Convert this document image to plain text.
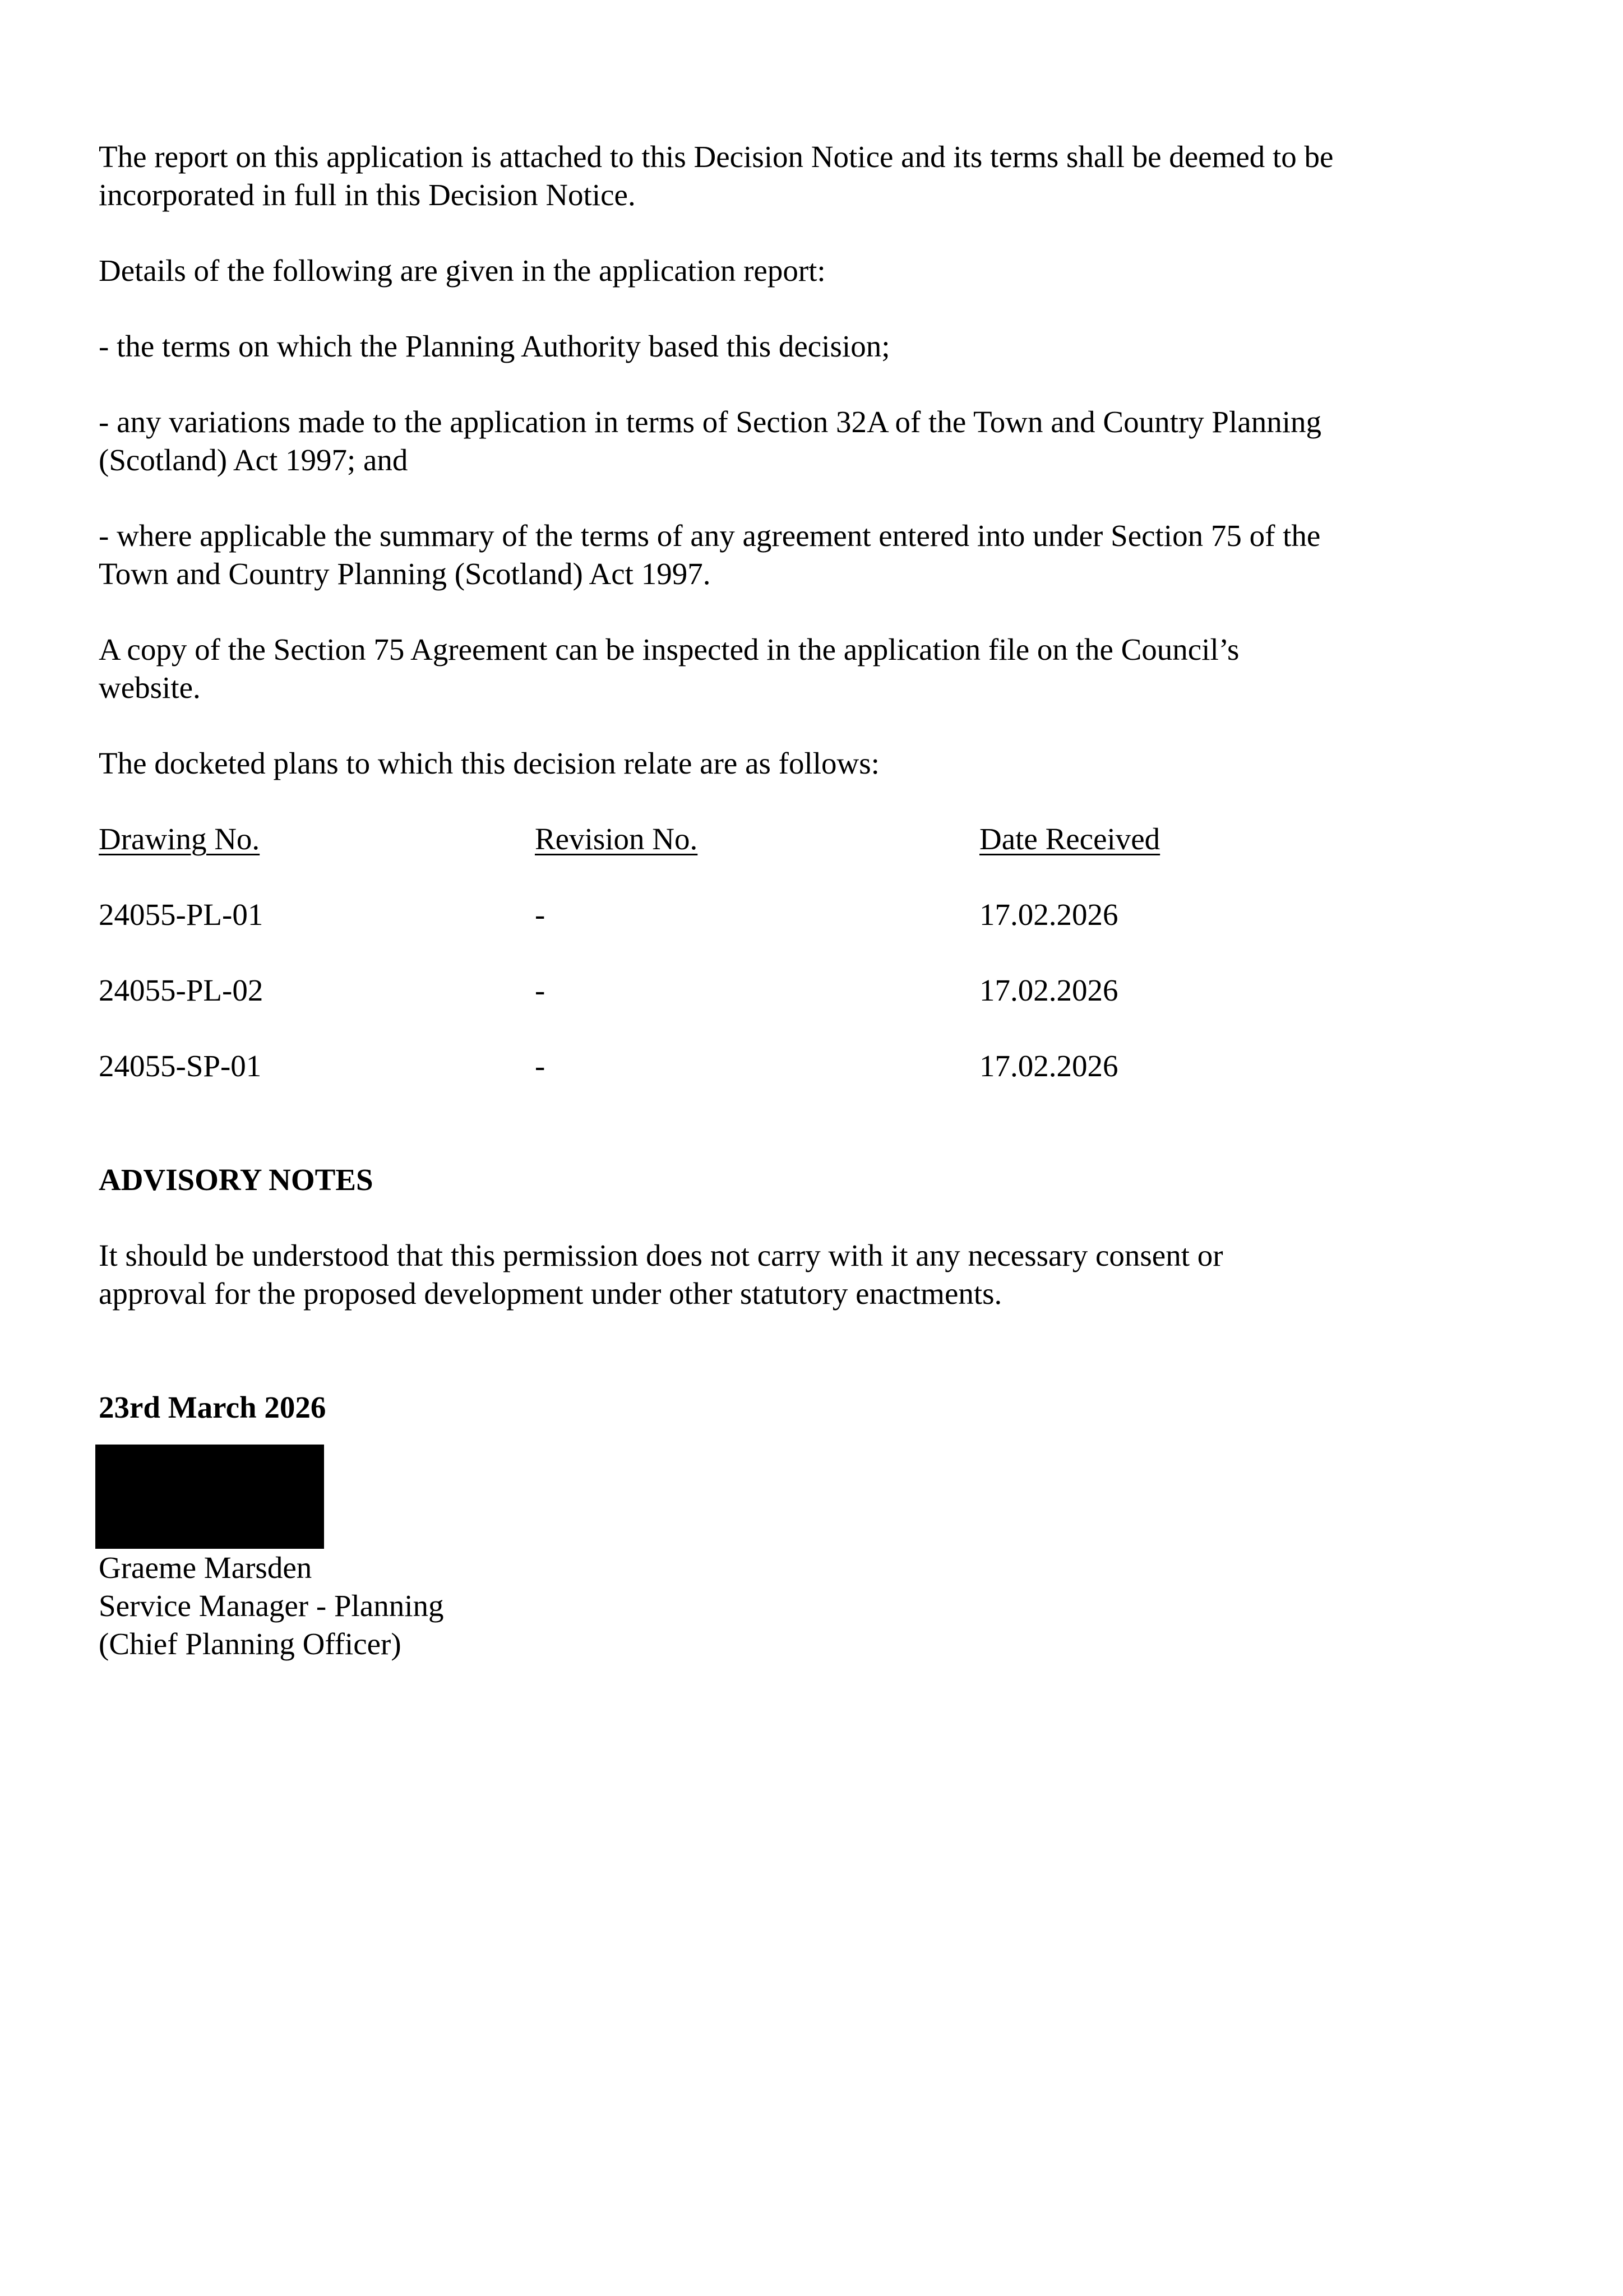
The report on this application is attached to this Decision Notice and its terms shall be deemed to be incorporated in full in this Decision Notice.

Details of the following are given in the application report:

- the terms on which the Planning Authority based this decision;

- any variations made to the application in terms of Section 32A of the Town and Country Planning (Scotland) Act 1997; and

- where applicable the summary of the terms of any agreement entered into under Section 75 of the Town and Country Planning (Scotland) Act 1997.

A copy of the Section 75 Agreement can be inspected in the application file on the Council’s website.

The docketed plans to which this decision relate are as follows:

Drawing No.	Revision No.	Date Received
24055-PL-01	-	17.02.2026
24055-PL-02	-	17.02.2026
24055-SP-01	-	17.02.2026

ADVISORY NOTES

It should be understood that this permission does not carry with it any necessary consent or approval for the proposed development under other statutory enactments.

23rd March 2026

Graeme Marsden

Service Manager - Planning

(Chief Planning Officer)
